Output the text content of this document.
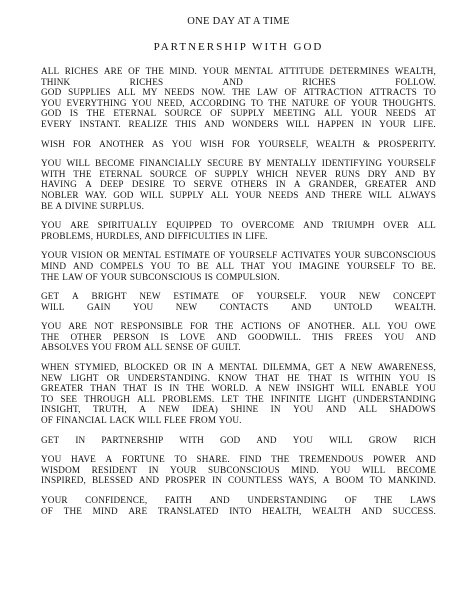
ONE DAY AT A TIME
PARTNERSHIP WITH GOD
ALL RICHES ARE OF THE MIND. YOUR MENTAL ATTITUDE DETERMINES WEALTH,
THINK	RICHES	AND	RICHES	FOLLOW.
GOD SUPPLIES ALL MY NEEDS NOW. THE LAW OF ATTRACTION ATTRACTS TO
YOU EVERYTHING YOU NEED, ACCORDING TO THE NATURE OF YOUR THOUGHTS.
GOD IS THE ETERNAL SOURCE OF SUPPLY MEETING ALL YOUR NEEDS AT
EVERY INSTANT. REALIZE THIS AND WONDERS WILL HAPPEN IN YOUR LIFE.
WISH FOR ANOTHER AS YOU WISH FOR YOURSELF, WEALTH & PROSPERITY.
YOU WILL BECOME FINANCIALLY SECURE BY MENTALLY IDENTIFYING YOURSELF
WITH THE ETERNAL SOURCE OF SUPPLY WHICH NEVER RUNS DRY AND BY
HAVING A DEEP DESIRE TO SERVE OTHERS IN A GRANDER, GREATER AND
NOBLER WAY. GOD WILL SUPPLY ALL YOUR NEEDS AND THERE WILL ALWAYS
BE A DIVINE SURPLUS.
YOU ARE SPIRITUALLY EQUIPPED TO OVERCOME AND TRIUMPH OVER ALL
PROBLEMS, HURDLES, AND DIFFICULTIES IN LIFE.
YOUR VISION OR MENTAL ESTIMATE OF YOURSELF ACTIVATES YOUR SUBCONSCIOUS
MIND AND COMPELS YOU TO BE ALL THAT YOU IMAGINE YOURSELF TO BE.
THE LAW OF YOUR SUBCONSCIOUS IS COMPULSION.
GET A BRIGHT NEW ESTIMATE OF YOURSELF. YOUR NEW CONCEPT
WILL GAIN YOU NEW CONTACTS AND UNTOLD WEALTH.
YOU ARE NOT RESPONSIBLE FOR THE ACTIONS OF ANOTHER. ALL YOU OWE
THE OTHER PERSON IS LOVE AND GOODWILL. THIS FREES YOU AND
ABSOLVES YOU FROM ALL SENSE OF GUILT.
WHEN STYMIED, BLOCKED OR IN A MENTAL DILEMMA, GET A NEW AWARENESS,
NEW LIGHT OR UNDERSTANDING. KNOW THAT HE THAT IS WITHIN YOU IS
GREATER THAN THAT IS IN THE WORLD. A NEW INSIGHT WILL ENABLE YOU
TO SEE THROUGH ALL PROBLEMS. LET THE INFINITE LIGHT (UNDERSTANDING
INSIGHT, TRUTH, A NEW IDEA) SHINE IN YOU AND ALL SHADOWS
OF FINANCIAL LACK WILL FLEE FROM YOU.
GET IN PARTNERSHIP WITH GOD AND YOU WILL GROW RICH
YOU HAVE A FORTUNE TO SHARE. FIND THE TREMENDOUS POWER AND
WISDOM RESIDENT IN YOUR SUBCONSCIOUS MIND. YOU WILL BECOME
INSPIRED, BLESSED AND PROSPER IN COUNTLESS WAYS, A BOOM TO MANKIND.
YOUR CONFIDENCE, FAITH AND UNDERSTANDING OF THE LAWS
OF THE MIND ARE TRANSLATED INTO HEALTH, WEALTH AND SUCCESS.
